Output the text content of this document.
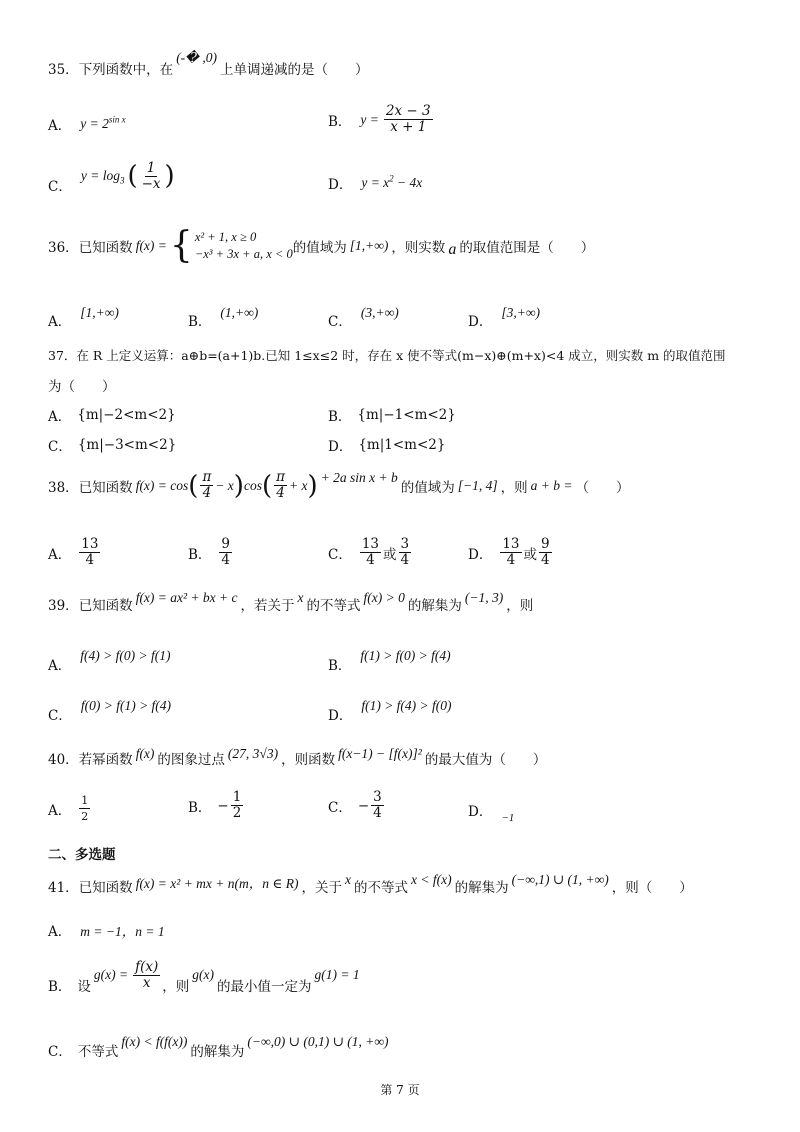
35． 下列函数中，在
(-� ,0)
上单调递减的是（　　）
A． $y = 2^{sin x}$	B． $y = \frac{2x - 3}{x + 1}$
C．
$y = \log_3$ ( $\frac{1}{-x}$ )	D． $y = x^2 - 4x$
36． 已知函数 f(x) = { x² + 1, x ≥ 0
−x³ + 3x + a, x < 0 的值域为 [1,+∞) ，则实数 a 的取值范围是（　　）
A．
[1,+∞)
B．
(1,+∞)
C．
(3,+∞)
D．
[3,+∞)
37．在 R 上定义运算：a⊕b=(a+1)b.已知 1≤x≤2 时，存在 x 使不等式(m−x)⊕(m+x)<4 成立，则实数 m 的取值范围
为（　　）
A． {m|−2<m<2}	B． {m|−1<m<2}
C． {m|−3<m<2}	D． {m|1<m<2}
38． 已知函数 f(x) = cos ( $\frac{\pi}{4} - x$ ) cos ( $\frac{\pi}{4} + x$ ) + 2a sin x + b
的值域为 [−1, 4] ，则 a + b = （　　）
A． $\frac{13}{4}$	B． $\frac{9}{4}$	C． $\frac{13}{4}$ 或 $\frac{3}{4}$	D． $\frac{13}{4}$ 或 $\frac{9}{4}$
39． 已知函数
f(x) = ax² + bx + c
，若关于
x
的不等式
f(x) > 0
的解集为
(−1, 3)
，则
A．
f(4) > f(0) > f(1)
B．
f(1) > f(0) > f(4)
C．
f(0) > f(1) > f(4)
D．
f(1) > f(4) > f(0)
40． 若幂函数 f(x) 的图象过点 (27, 3√3) ，则函数 f(x−1) − [f(x)]² 的最大值为（　　）
A． $\frac{1}{2}$	B． − $\frac{1}{2}$	C． − $\frac{3}{4}$	D． −1
二、多选题
41． 已知函数 f(x) = x² + mx + n(m，n ∈ R) ，关于
x
的不等式
x < f(x)
的解集为
(−∞,1) ∪ (1, +∞)
，则（　　）
A． m = −1，n = 1
B． 设
$g(x) = \frac{f(x)}{x}$ ，则
g(x)
的最小值一定为
g(1) = 1
C． 不等式
f(x) < f(f(x))
的解集为
(−∞,0) ∪ (0,1) ∪ (1, +∞)
第 7 页
